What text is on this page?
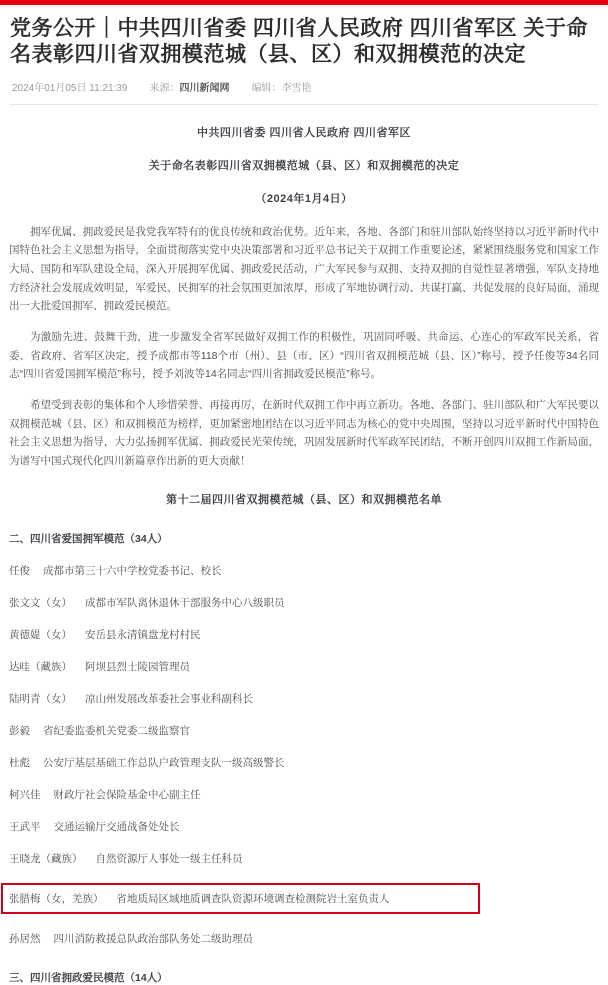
党务公开｜中共四川省委 四川省人民政府 四川省军区 关于命名表彰四川省双拥模范城（县、区）和双拥模范的决定
2024年01月05日 11:21:39 来源：四川新闻网 编辑：李雪艳
中共四川省委 四川省人民政府 四川省军区
关于命名表彰四川省双拥模范城（县、区）和双拥模范的决定
（2024年1月4日）

拥军优属、拥政爱民是我党我军特有的优良传统和政治优势。近年来，各地、各部门和驻川部队始终坚持以习近平新时代中国特色社会主义思想为指导，全面贯彻落实党中央决策部署和习近平总书记关于双拥工作重要论述，紧紧围绕服务党和国家工作大局、国防和军队建设全局，深入开展拥军优属、拥政爱民活动，广大军民参与双拥、支持双拥的自觉性显著增强，军队支持地方经济社会发展成效明显，军爱民、民拥军的社会氛围更加浓厚，形成了军地协调行动、共谋打赢、共促发展的良好局面，涌现出一大批爱国拥军、拥政爱民模范。

为激励先进、鼓舞干劲，进一步激发全省军民做好双拥工作的积极性，巩固同呼吸、共命运、心连心的军政军民关系，省委、省政府、省军区决定，授予成都市等118个市（州）、县（市、区）“四川省双拥模范城（县、区）”称号，授予任俊等34名同志“四川省爱国拥军模范”称号，授予刘波等14名同志“四川省拥政爱民模范”称号。

希望受到表彰的集体和个人珍惜荣誉、再接再厉，在新时代双拥工作中再立新功。各地、各部门、驻川部队和广大军民要以双拥模范城（县、区）和双拥模范为榜样，更加紧密地团结在以习近平同志为核心的党中央周围，坚持以习近平新时代中国特色社会主义思想为指导，大力弘扬拥军优属、拥政爱民光荣传统，巩固发展新时代军政军民团结，不断开创四川双拥工作新局面，为谱写中国式现代化四川新篇章作出新的更大贡献！

第十二届四川省双拥模范城（县、区）和双拥模范名单
二、四川省爱国拥军模范（34人）
任俊 成都市第三十六中学校党委书记、校长
张文文（女） 成都市军队离休退休干部服务中心八级职员
黄德媞（女） 安岳县永清镇盘龙村村民
达哇（藏族） 阿坝县烈士陵园管理员
陆明青（女） 凉山州发展改革委社会事业科副科长
彭毅 省纪委监委机关党委二级监察官
杜彪 公安厅基层基础工作总队户政管理支队一级高级警长
柯兴佳 财政厅社会保险基金中心副主任
王武平 交通运输厅交通战备处处长
王晓龙（藏族） 自然资源厅人事处一级主任科员
张腊梅（女，羌族） 省地质局区域地质调查队资源环境调查检测院岩土室负责人
孙居然 四川消防救援总队政治部队务处二级助理员
三、四川省拥政爱民模范（14人）
